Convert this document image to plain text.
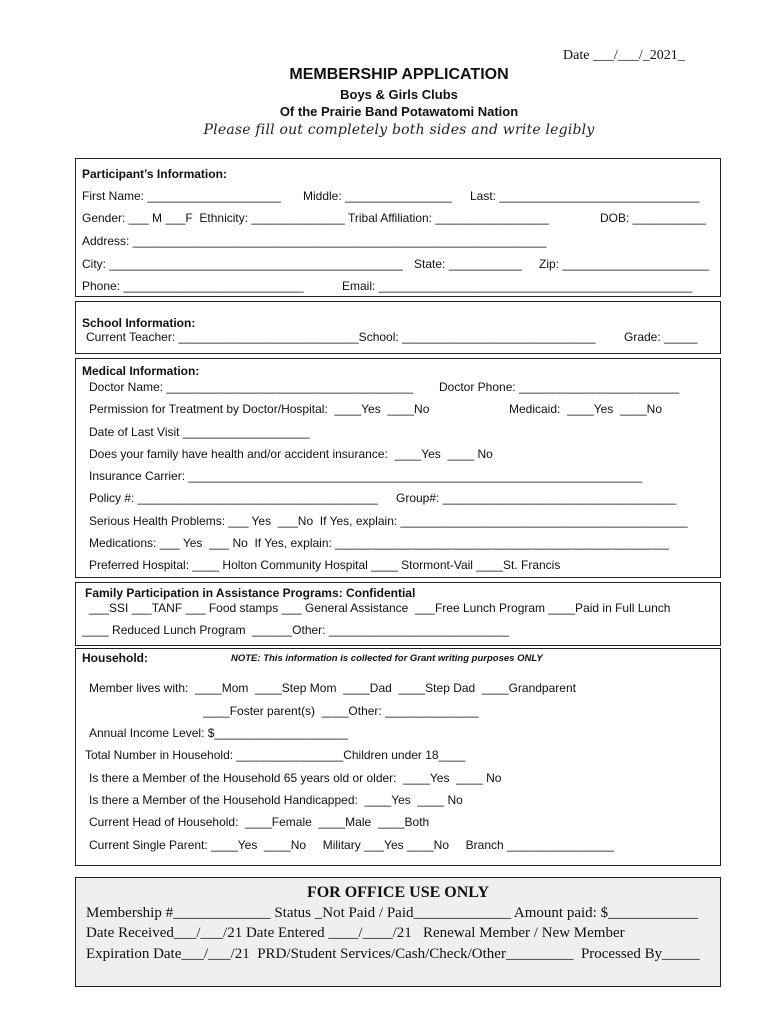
Date ___/___/_2021_
MEMBERSHIP APPLICATION
Boys & Girls Clubs
Of the Prairie Band Potawatomi Nation
Please fill out completely both sides and write legibly
Participant’s Information:
First Name: ____________________ Middle: ________________ Last: ______________________________
Gender: ___ M ___F  Ethnicity: ______________ Tribal Affiliation: _________________	DOB: ___________
Address: ______________________________________________________________
City: ____________________________________________ State: ___________ Zip: ______________________
Phone: ___________________________	Email: _______________________________________________
School Information:
Current Teacher: ___________________________School: _____________________________ Grade: _____
Medical Information:
Doctor Name: _____________________________________ Doctor Phone: ________________________
Permission for Treatment by Doctor/Hospital:  ____Yes  ____No	Medicaid:  ____Yes  ____No
Date of Last Visit ___________________
Does your family have health and/or accident insurance:  ____Yes  ____ No
Insurance Carrier: ____________________________________________________________________
Policy #: ____________________________________ Group#: ___________________________________
Serious Health Problems: ___ Yes  ___No  If Yes, explain: ___________________________________________
Medications: ___ Yes  ___ No  If Yes, explain: __________________________________________________
Preferred Hospital: ____ Holton Community Hospital ____ Stormont-Vail ____St. Francis
Family Participation in Assistance Programs: Confidential
___SSI ___TANF ___ Food stamps ___ General Assistance  ___Free Lunch Program ____Paid in Full Lunch
____ Reduced Lunch Program  ______Other: ___________________________
Household:	NOTE: This information is collected for Grant writing purposes ONLY
Member lives with:  ____Mom  ____Step Mom  ____Dad  ____Step Dad  ____Grandparent
____Foster parent(s)  ____Other: ______________
Annual Income Level: $____________________
Total Number in Household: ________________Children under 18____
Is there a Member of the Household 65 years old or older:  ____Yes  ____ No
Is there a Member of the Household Handicapped:  ____Yes  ____ No
Current Head of Household:  ____Female  ____Male  ____Both
Current Single Parent: ____Yes  ____No     Military ___Yes ____No     Branch ________________
FOR OFFICE USE ONLY
Membership #_____________ Status _Not Paid / Paid_____________ Amount paid: $____________
Date Received___/___/21 Date Entered ____/____/21   Renewal Member / New Member
Expiration Date___/___/21  PRD/Student Services/Cash/Check/Other_________  Processed By_____
